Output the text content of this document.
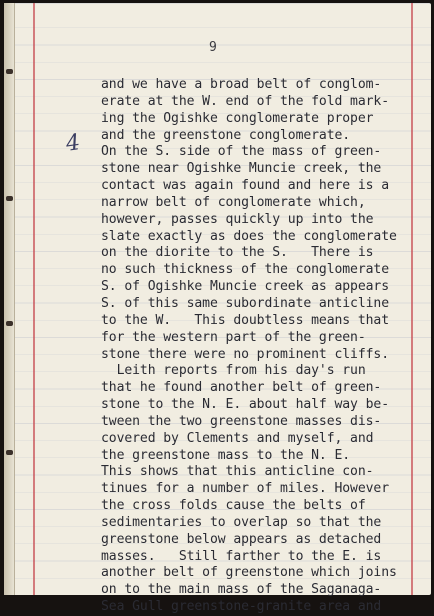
9
4
and we have a broad belt of conglom-
erate at the W. end of the fold mark-
ing the Ogishke conglomerate proper
and the greenstone conglomerate.
On the S. side of the mass of green-
stone near Ogishke Muncie creek, the
contact was again found and here is a
narrow belt of conglomerate which,
however, passes quickly up into the
slate exactly as does the conglomerate
on the diorite to the S.   There is
no such thickness of the conglomerate
S. of Ogishke Muncie creek as appears
S. of this same subordinate anticline
to the W.   This doubtless means that
for the western part of the green-
stone there were no prominent cliffs.
Leith reports from his day's run
that he found another belt of green-
stone to the N. E. about half way be-
tween the two greenstone masses dis-
covered by Clements and myself, and
the greenstone mass to the N. E.
This shows that this anticline con-
tinues for a number of miles. However
the cross folds cause the belts of
sedimentaries to overlap so that the
greenstone below appears as detached
masses.   Still farther to the E. is
another belt of greenstone which joins
on to the main mass of the Saganaga-
Sea Gull greenstone-granite area and
